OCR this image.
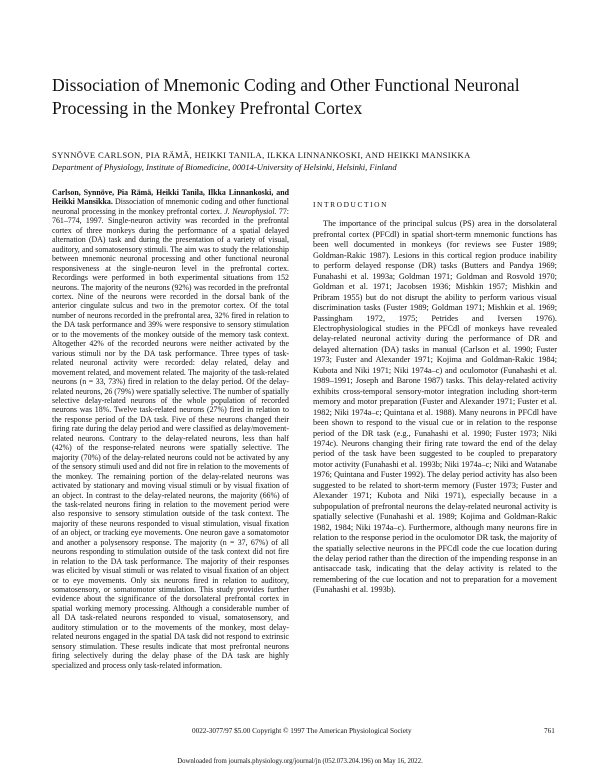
Dissociation of Mnemonic Coding and Other Functional Neuronal
Processing in the Monkey Prefrontal Cortex
SYNNÖVE CARLSON, PIA RÄMÄ, HEIKKI TANILA, ILKKA LINNANKOSKI, AND HEIKKI MANSIKKA
Department of Physiology, Institute of Biomedicine, 00014-University of Helsinki, Helsinki, Finland

Carlson, Synnöve, Pia Rämä, Heikki Tanila, Ilkka Linnankoski, and Heikki Mansikka. Dissociation of mnemonic coding and other functional neuronal processing in the monkey prefrontal cortex. J. Neurophysiol. 77: 761–774, 1997. Single-neuron activity was recorded in the prefrontal cortex of three monkeys during the performance of a spatial delayed alternation (DA) task and during the presentation of a variety of visual, auditory, and somatosensory stimuli. The aim was to study the relationship between mnemonic neuronal processing and other functional neuronal responsiveness at the single-neuron level in the prefrontal cortex. Recordings were performed in both experimental situations from 152 neurons. The majority of the neurons (92%) was recorded in the prefrontal cortex. Nine of the neurons were recorded in the dorsal bank of the anterior cingulate sulcus and two in the premotor cortex. Of the total number of neurons recorded in the prefrontal area, 32% fired in relation to the DA task performance and 39% were responsive to sensory stimulation or to the movements of the monkey outside of the memory task context. Altogether 42% of the recorded neurons were neither activated by the various stimuli nor by the DA task performance. Three types of task-related neuronal activity were recorded: delay related, delay and movement related, and movement related. The majority of the task-related neurons (n = 33, 73%) fired in relation to the delay period. Of the delay-related neurons, 26 (79%) were spatially selective. The number of spatially selective delay-related neurons of the whole population of recorded neurons was 18%. Twelve task-related neurons (27%) fired in relation to the response period of the DA task. Five of these neurons changed their firing rate during the delay period and were classified as delay/movement-related neurons. Contrary to the delay-related neurons, less than half (42%) of the response-related neurons were spatially selective. The majority (70%) of the delay-related neurons could not be activated by any of the sensory stimuli used and did not fire in relation to the movements of the monkey. The remaining portion of the delay-related neurons was activated by stationary and moving visual stimuli or by visual fixation of an object. In contrast to the delay-related neurons, the majority (66%) of the task-related neurons firing in relation to the movement period were also responsive to sensory stimulation outside of the task context. The majority of these neurons responded to visual stimulation, visual fixation of an object, or tracking eye movements. One neuron gave a somatomotor and another a polysensory response. The majority (n = 37, 67%) of all neurons responding to stimulation outside of the task context did not fire in relation to the DA task performance. The majority of their responses was elicited by visual stimuli or was related to visual fixation of an object or to eye movements. Only six neurons fired in relation to auditory, somatosensory, or somatomotor stimulation. This study provides further evidence about the significance of the dorsolateral prefrontal cortex in spatial working memory processing. Although a considerable number of all DA task-related neurons responded to visual, somatosensory, and auditory stimulation or to the movements of the monkey, most delay-related neurons engaged in the spatial DA task did not respond to extrinsic sensory stimulation. These results indicate that most prefrontal neurons firing selectively during the delay phase of the DA task are highly specialized and process only task-related information.

INTRODUCTION

The importance of the principal sulcus (PS) area in the dorsolateral prefrontal cortex (PFCdl) in spatial short-term mnemonic functions has been well documented in monkeys (for reviews see Fuster 1989; Goldman-Rakic 1987). Lesions in this cortical region produce inability to perform delayed response (DR) tasks (Butters and Pandya 1969; Funahashi et al. 1993a; Goldman 1971; Goldman and Rosvold 1970; Goldman et al. 1971; Jacobsen 1936; Mishkin 1957; Mishkin and Pribram 1955) but do not disrupt the ability to perform various visual discrimination tasks (Fuster 1989; Goldman 1971; Mishkin et al. 1969; Passingham 1972, 1975; Petrides and Iversen 1976). Electrophysiological studies in the PFCdl of monkeys have revealed delay-related neuronal activity during the performance of DR and delayed alternation (DA) tasks in manual (Carlson et al. 1990; Fuster 1973; Fuster and Alexander 1971; Kojima and Goldman-Rakic 1984; Kubota and Niki 1971; Niki 1974a–c) and oculomotor (Funahashi et al. 1989–1991; Joseph and Barone 1987) tasks. This delay-related activity exhibits cross-temporal sensory-motor integration including short-term memory and motor preparation (Fuster and Alexander 1971; Fuster et al. 1982; Niki 1974a–c; Quintana et al. 1988). Many neurons in PFCdl have been shown to respond to the visual cue or in relation to the response period of the DR task (e.g., Funahashi et al. 1990; Fuster 1973; Niki 1974c). Neurons changing their firing rate toward the end of the delay period of the task have been suggested to be coupled to preparatory motor activity (Funahashi et al. 1993b; Niki 1974a–c; Niki and Watanabe 1976; Quintana and Fuster 1992). The delay period activity has also been suggested to be related to short-term memory (Fuster 1973; Fuster and Alexander 1971; Kubota and Niki 1971), especially because in a subpopulation of prefrontal neurons the delay-related neuronal activity is spatially selective (Funahashi et al. 1989; Kojima and Goldman-Rakic 1982, 1984; Niki 1974a–c). Furthermore, although many neurons fire in relation to the response period in the oculomotor DR task, the majority of the spatially selective neurons in the PFCdl code the cue location during the delay period rather than the direction of the impending response in an antisaccade task, indicating that the delay activity is related to the remembering of the cue location and not to preparation for a movement (Funahashi et al. 1993b).

0022-3077/97 $5.00 Copyright © 1997 The American Physiological Society	761
Downloaded from journals.physiology.org/journal/jn (052.073.204.196) on May 16, 2022.
